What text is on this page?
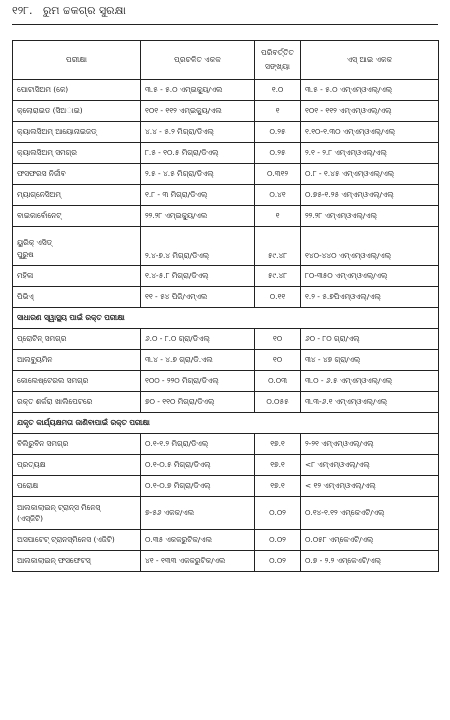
୧୨୮. ରୁମ ଚ୍ଚକଗ୍ର ସୁରକ୍ଷା
ପରୀକ୍ଷା	ପ୍ରଚଳିତ ଏକକ	ପରିବର୍ତ୍ତିତ ସଙ୍ଖ୍ୟା	ଏସ୍ ଆଇ ଏକକ
ପୋଟାସିଅମ (କେ)	୩.୫ - ୫.୦ ଏମ୍ଇକ୍ୟୁ/ଏଲ	୧.୦	୩.୫ - ୫.୦ ଏମ୍ଏମ୍ଓଏଲ୍/ଏଲ୍
କ୍ଲୋରାଇଡ (ସିଅାଇ)	୧୦୧ - ୧୧୨ ଏମ୍ଇକ୍ୟୁ/ଏଲ	୧	୧୦୧ - ୧୧୨ ଏମ୍ଏମ୍ଓଏଲ୍/ଏଲ୍
କ୍ୟାଲସିଅମ୍ ଆୟୋନାଇଜଡ୍	୪.୪ - ୫.୨ ମିଗ୍ରା/ଡିଏଲ୍	୦.୨୫	୧.୧୦-୧.୩୦ ଏମ୍ଏମ୍ଓଏଲ୍/ଏଲ୍
କ୍ୟାଲସିଅମ୍ ସମଗ୍ର	୮.୫ - ୧୦.୫ ମିଗ୍ରା/ଡିଏଲ୍	୦.୨୫	୨.୧ - ୨.୮ ଏମ୍ଏମ୍ଓଏଲ୍/ଏଲ୍
ଫସଫରସ ନିର୍ଜୀବ	୨.୫ - ୪.୫ ମିଗ୍ରା/ଡିଏଲ୍	୦.୩୧୨	୦.୮ - ୧.୪୫ ଏମ୍ଏମ୍ଓଏଲ୍/ଏଲ୍
ମ୍ୟାଗ୍ନେସିଅମ୍	୧.୮ - ୩ ମିଗ୍ରା/ଡିଏଲ୍	୦.୪୧	୦.୭୫-୧.୨୫ ଏମ୍ଏମ୍ଓଏଲ୍/ଏଲ୍
ବାଇକାର୍ବୋନେଟ୍	୨୨.୨୮ ଏମ୍ଇକ୍ୟୁ/ଏଲ	୧	୨୨.୨୮ ଏମ୍ଏମ୍ଓଏଲ୍/ଏଲ୍

ୟୁରିକ୍ ଏସିଡ୍
ପୁରୁଷ	୨.୪-୭.୪ ମିଗ୍ରା/ଡିଏଲ୍	୫୯.୪୮	୧୪୦-୪୪୦ ଏମ୍ଏମ୍ଓଏଲ୍/ଏଲ୍
ମହିଳା	୧.୪-୫.୮ ମିଗ୍ରା/ଡିଏଲ୍	୫୯.୪୮	୮୦-୩୫୦ ଏମ୍ଏମ୍ଓଏଲ୍/ଏଲ୍
ପିଭିଏ୍	୧୧ - ୫୪ ପିଜି/ଏମ୍ଏଲ	୦.୧୧	୧.୨ - ୫.୭ପିଏମ୍ଓଏଲ୍/ଏଲ୍
ସାଧାରଣ ସ୍ୱାସ୍ଥ୍ୟ ପାଇଁ ରକ୍ତ ପରୀକ୍ଷା			
ପ୍ରୋଟିନ୍ ସମଗ୍ର	୬.୦ - ୮.୦ ଗ୍ରା/ଡିଏଲ୍	୧୦	୬୦ - ୮୦ ଗ୍ରା/ଏଲ୍
ଆଲବ୍ୟୁମିନ	୩.୪ - ୪.୭ ଗ୍ରା/ଡି.ଏଲ	୧୦	୩୪ - ୪୭ ଗ୍ରା/ଏଲ୍
କୋଲେଷ୍ଟେରଲ ସମଗ୍ର	୧୦୦ - ୨୨୦ ମିଗ୍ରା/ଡିଏଲ୍	୦.୦୩	୩.୦ - ୬.୫ ଏମ୍ଏମ୍ଓଏଲ୍/ଏଲ୍
ରକ୍ତ ଶର୍କରା ଖାଲିପେଟରେ	୭୦ - ୧୧୦ ମିଗ୍ରା/ଡିଏଲ୍	୦.୦୫୫	୩.୩-୬.୧ ଏମ୍ଏମ୍ଓଏଲ୍/ଏଲ୍
ଯକୃତ କାର୍ଯ୍ୟକ୍ଷମତା ଜାଣିବାପାଇଁ ରକ୍ତ ପରୀକ୍ଷା			
ବିଲିରୁବିନ ସମଗ୍ର	୦.୧-୧.୨ ମିଗ୍ରା/ଡିଏଲ୍	୧୭.୧	୨-୨୧ ଏମ୍ଏମ୍ଓଏଲ୍/ଏଲ୍
ପ୍ରତ୍ୟକ୍ଷ	୦.୧-୦.୫ ମିଗ୍ରା/ଡିଏଲ୍	୧୭.୧	<୮ ଏମ୍ଏମ୍ଓଏଲ୍/ଏଲ୍
ପରୋକ୍ଷ	୦.୧-୦.୭ ମିଗ୍ରା/ଡିଏଲ୍	୧୭.୧	< ୧୨ ଏମ୍ଏମ୍ଓଏଲ୍/ଏଲ୍

ଆଲକାଲାଇନ୍ ଟ୍ରାନ୍ସ ମିନେସ୍
(ଏସ୍‌ଜିଟି)	୭-୫୬ ଏକକ/ଏଲ	୦.୦୨	୦.୧୪-୧.୧୨ ଏମ୍‌କେଏଟି/ଏଲ୍
ଅସପାଟେଟ୍ ଟ୍ରାନସ୍ମିନେସ (ଏଜିଟି)	୦.୩୫ ଏକକରୁଟିକ/ଏଲ	୦.୦୨	୦.୦୫୮ ଏମ୍‌କେଏଟି/ଏଲ୍
ଆଲକାଲାଇନ୍ ଫସଫେଟସ୍	୪୧ - ୧୩୩ ଏକକରୁଟିକ/ଏଲ	୦.୦୨	୦.୭ - ୨.୨ ଏମ୍‌କେଏଟି/ଏଲ୍
